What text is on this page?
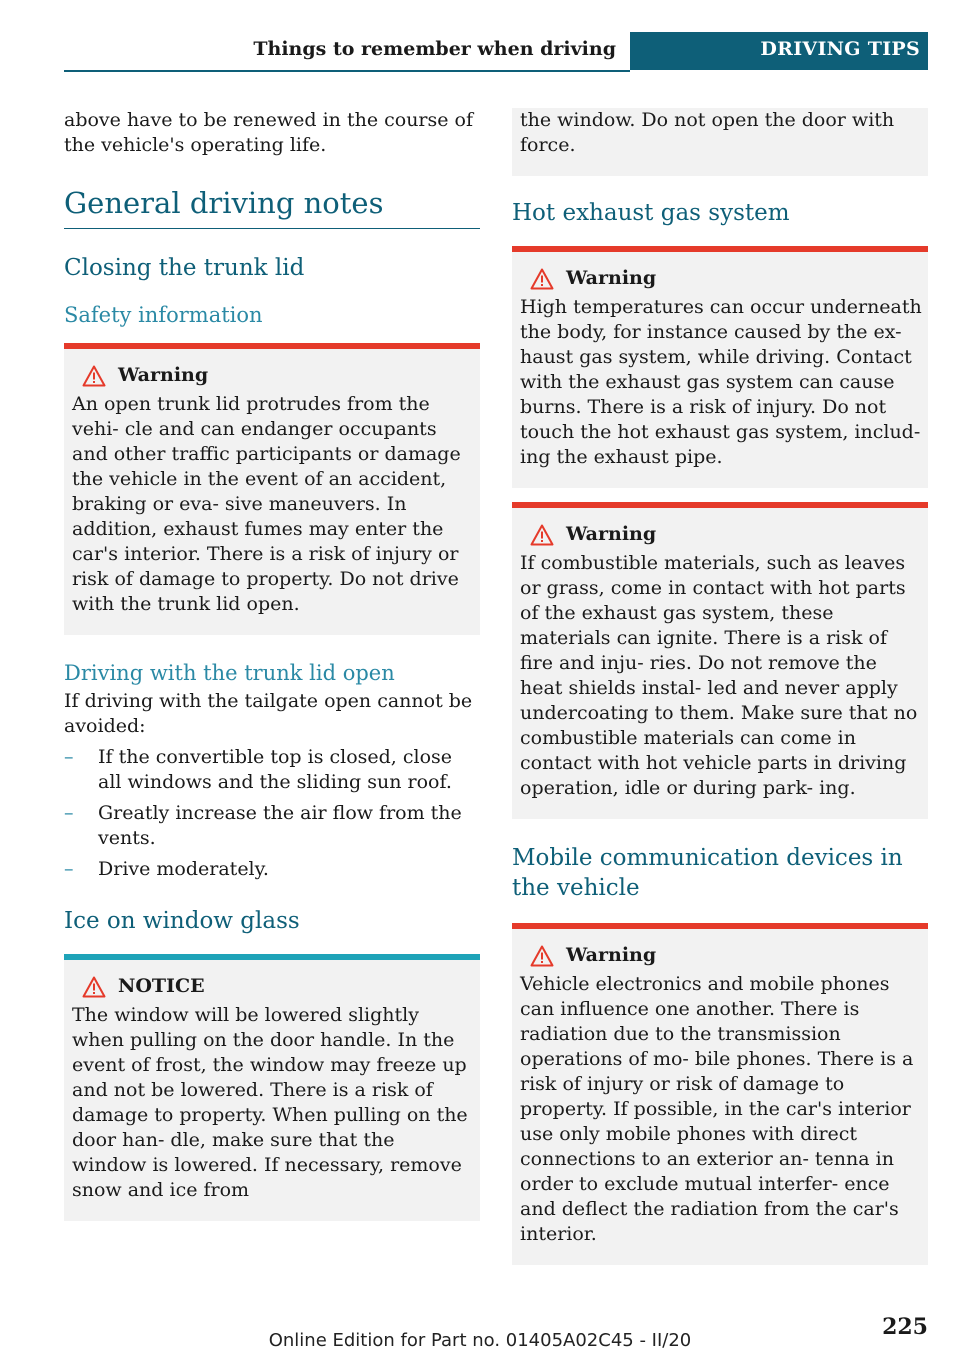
Things to remember when driving	DRIVING TIPS

above have to be renewed in the course of the vehicle's operating life.

General driving notes
Closing the trunk lid
Safety information
Warning

An open trunk lid protrudes from the vehi- cle and can endanger occupants and other traffic participants or damage the vehicle in the event of an accident, braking or eva- sive maneuvers. In addition, exhaust fumes may enter the car's interior. There is a risk of injury or risk of damage to property. Do not drive with the trunk lid open.

Driving with the trunk lid open

If driving with the tailgate open cannot be avoided:

– If the convertible top is closed, close all windows and the sliding sun roof.
– Greatly increase the air flow from the vents.
– Drive moderately.
Ice on window glass
NOTICE

The window will be lowered slightly when pulling on the door handle. In the event of frost, the window may freeze up and not be lowered. There is a risk of damage to property. When pulling on the door han- dle, make sure that the window is lowered. If necessary, remove snow and ice from

the window. Do not open the door with force.

Hot exhaust gas system
Warning

High temperatures can occur underneath the body, for instance caused by the ex- haust gas system, while driving. Contact with the exhaust gas system can cause burns. There is a risk of injury. Do not touch the hot exhaust gas system, includ- ing the exhaust pipe.

Warning

If combustible materials, such as leaves or grass, come in contact with hot parts of the exhaust gas system, these materials can ignite. There is a risk of fire and inju- ries. Do not remove the heat shields instal- led and never apply undercoating to them. Make sure that no combustible materials can come in contact with hot vehicle parts in driving operation, idle or during park- ing.

Mobile communication devices in the vehicle
Warning

Vehicle electronics and mobile phones can influence one another. There is radiation due to the transmission operations of mo- bile phones. There is a risk of injury or risk of damage to property. If possible, in the car's interior use only mobile phones with direct connections to an exterior an- tenna in order to exclude mutual interfer- ence and deflect the radiation from the car's interior.

225
Online Edition for Part no. 01405A02C45 - II/20
